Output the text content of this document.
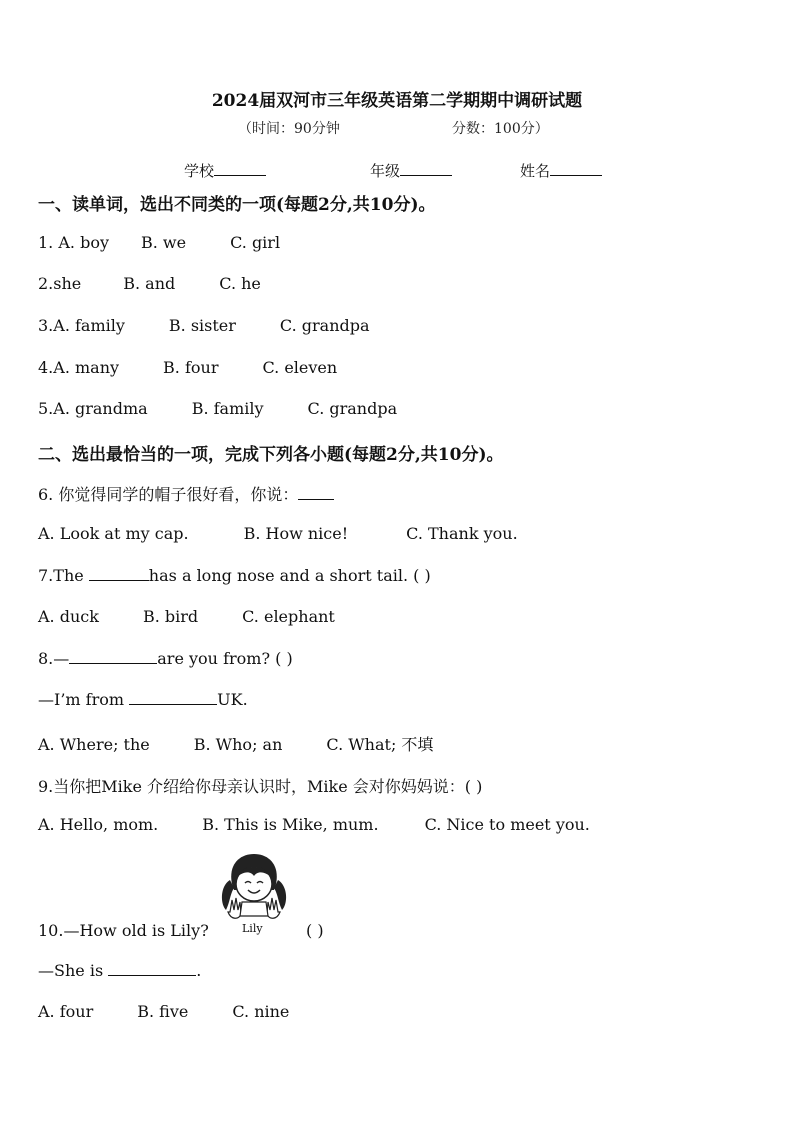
2024届双河市三年级英语第二学期期中调研试题
（时间：90分钟	分数：100分）
学校	年级	姓名
一、读单词，选出不同类的一项(每题2分,共10分)。
1. A. boy B. we	C. girl
2.she	B. and	C. he
3.A. family	B. sister	C. grandpa
4.A. many	B. four	C. eleven
5.A. grandma	B. family	C. grandpa
二、选出最恰当的一项，完成下列各小题(每题2分,共10分)。
6. 你觉得同学的帽子很好看，你说：
A. Look at my cap.	B. How nice!	C. Thank you.
7.The	has a long nose and a short tail. ( )
A. duck	B. bird	C. elephant
8.—	are you from? ( )
—I’m from	UK.
A. Where; the	B. Who; an	C. What; 不填
9.当你把Mike 介绍给你母亲认识时，Mike 会对你妈妈说：( )
A. Hello, mom.	B. This is Mike, mum.	C. Nice to meet you.
Lily
10.—How old is Lily?	( )
—She is	.
A. four	B. five	C. nine
